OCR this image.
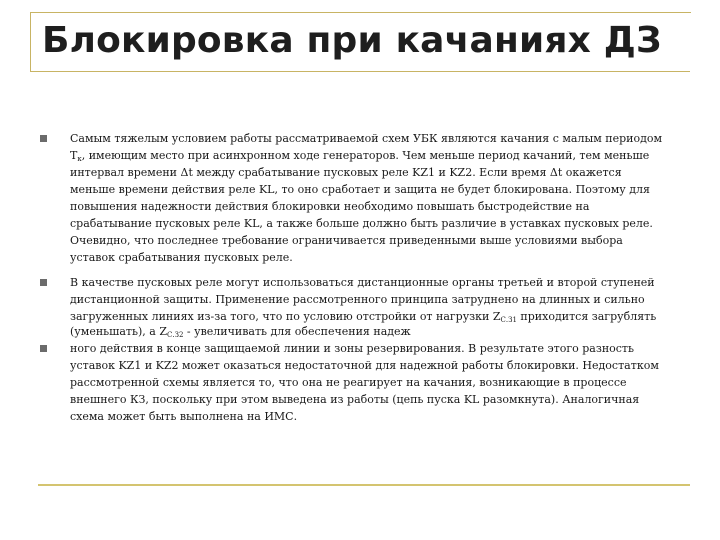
Блокировка при качаниях ДЗ
Самым тяжелым условием работы рассматриваемой схем УБК являются качания с малым периодом
$T_к$, имеющим место при асинхронном ходе генераторов. Чем меньше период качаний, тем меньше
интервал времени Δt между срабатывание пусковых реле KZ1 и KZ2. Если время Δt окажется
меньше времени действия реле KL, то оно сработает и защита не будет блокирована. Поэтому для
повышения надежности действия блокировки необходимо повышать быстродействие на
срабатывание пусковых реле KL, а также больше должно быть различие в уставках пусковых реле.
Очевидно, что последнее требование ограничивается приведенными выше условиями выбора
уставок срабатывания пусковых реле.
В качестве пусковых реле могут использоваться дистанционные органы третьей и второй ступеней
дистанционной защиты. Применение рассмотренного принципа затруднено на длинных и сильно
загруженных линиях из-за того, что по условию отстройки от нагрузки $Z_{С.З1}$ приходится загрублять
(уменьшать), а $Z_{С.З2}$ - увеличивать для обеспечения надеж
ного действия в конце защищаемой линии и зоны резервирования. В результате этого разность
уставок KZ1 и KZ2 может оказаться недостаточной для надежной работы блокировки. Недостатком
рассмотренной схемы является то, что она не реагирует на качания, возникающие в процессе
внешнего КЗ, поскольку при этом выведена из работы (цепь пуска KL разомкнута). Аналогичная
схема может быть выполнена на ИМС.
